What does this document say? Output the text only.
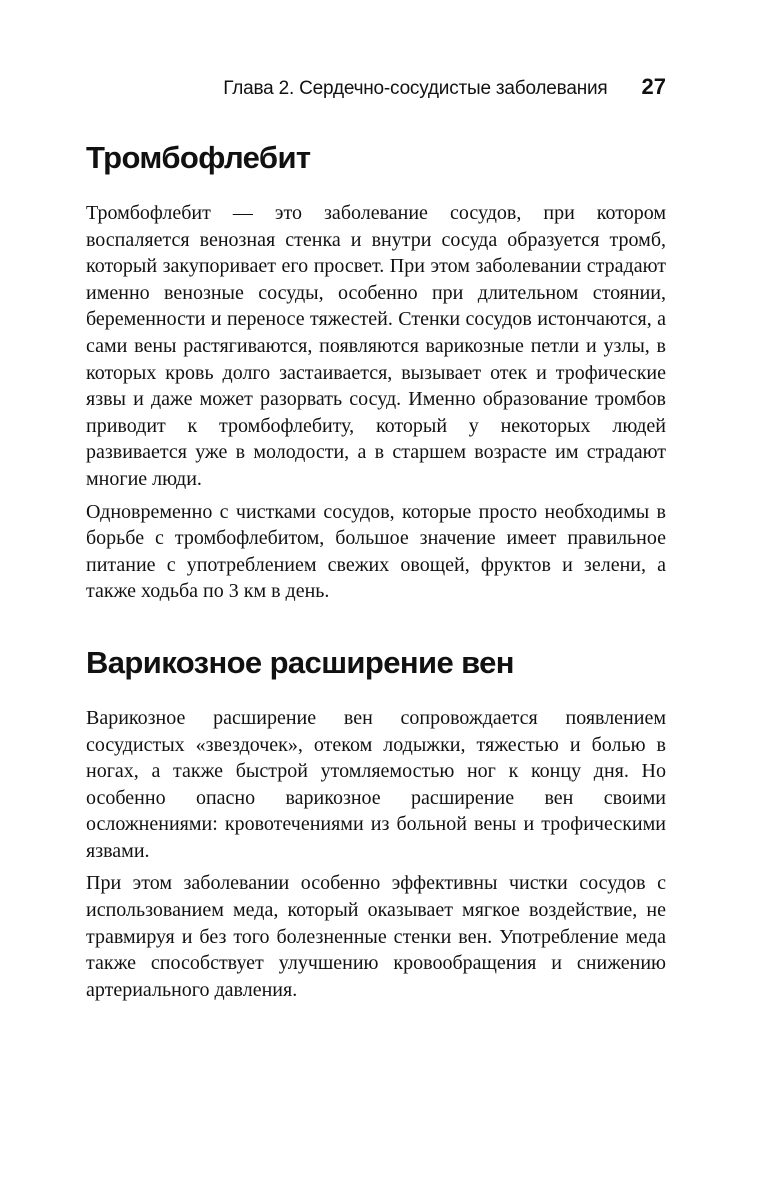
Глава 2. Сердечно-сосудистые заболевания 27
Тромбофлебит

Тромбофлебит — это заболевание сосудов, при котором воспаляется венозная стенка и внутри сосуда образуется тромб, который закупоривает его просвет. При этом заболевании страдают именно венозные сосуды, особенно при длительном стоянии, беременности и переносе тяжестей. Стенки сосудов истончаются, а сами вены растягиваются, появляются варикозные петли и узлы, в которых кровь долго застаивается, вызывает отек и трофические язвы и даже может разорвать сосуд. Именно образование тромбов приводит к тромбофлебиту, который у некоторых людей развивается уже в молодости, а в старшем возрасте им страдают многие люди.

Одновременно с чистками сосудов, которые просто необходимы в борьбе с тромбофлебитом, большое значение имеет правильное питание с употреблением свежих овощей, фруктов и зелени, а также ходьба по 3 км в день.

Варикозное расширение вен

Варикозное расширение вен сопровождается появлением сосудистых «звездочек», отеком лодыжки, тяжестью и болью в ногах, а также быстрой утомляемостью ног к концу дня. Но особенно опасно варикозное расширение вен своими осложнениями: кровотечениями из больной вены и трофическими язвами.

При этом заболевании особенно эффективны чистки сосудов с использованием меда, который оказывает мягкое воздействие, не травмируя и без того болезненные стенки вен. Употребление меда также способствует улучшению кровообращения и снижению артериального давления.
